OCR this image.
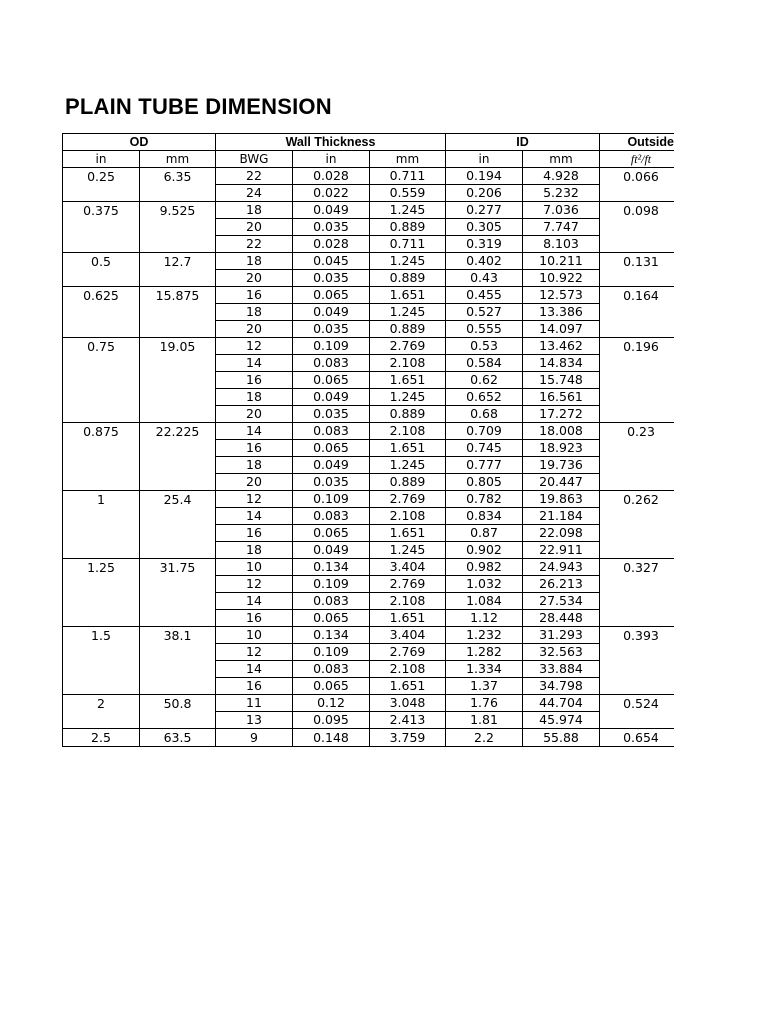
PLAIN TUBE DIMENSION
OD		Wall Thickness			ID		Outside
in	mm	BWG	in	mm	in	mm	ft²/ft
0.25	6.35	22	0.028	0.711	0.194	4.928	0.066
		24	0.022	0.559	0.206	5.232	
0.375	9.525	18	0.049	1.245	0.277	7.036	0.098
		20	0.035	0.889	0.305	7.747	
		22	0.028	0.711	0.319	8.103	
0.5	12.7	18	0.045	1.245	0.402	10.211	0.131
		20	0.035	0.889	0.43	10.922	
0.625	15.875	16	0.065	1.651	0.455	12.573	0.164
		18	0.049	1.245	0.527	13.386	
		20	0.035	0.889	0.555	14.097	
0.75	19.05	12	0.109	2.769	0.53	13.462	0.196
		14	0.083	2.108	0.584	14.834	
		16	0.065	1.651	0.62	15.748	
		18	0.049	1.245	0.652	16.561	
		20	0.035	0.889	0.68	17.272	
0.875	22.225	14	0.083	2.108	0.709	18.008	0.23
		16	0.065	1.651	0.745	18.923	
		18	0.049	1.245	0.777	19.736	
		20	0.035	0.889	0.805	20.447	
1	25.4	12	0.109	2.769	0.782	19.863	0.262
		14	0.083	2.108	0.834	21.184	
		16	0.065	1.651	0.87	22.098	
		18	0.049	1.245	0.902	22.911	
1.25	31.75	10	0.134	3.404	0.982	24.943	0.327
		12	0.109	2.769	1.032	26.213	
		14	0.083	2.108	1.084	27.534	
		16	0.065	1.651	1.12	28.448	
1.5	38.1	10	0.134	3.404	1.232	31.293	0.393
		12	0.109	2.769	1.282	32.563	
		14	0.083	2.108	1.334	33.884	
		16	0.065	1.651	1.37	34.798	
2	50.8	11	0.12	3.048	1.76	44.704	0.524
		13	0.095	2.413	1.81	45.974	
2.5	63.5	9	0.148	3.759	2.2	55.88	0.654
